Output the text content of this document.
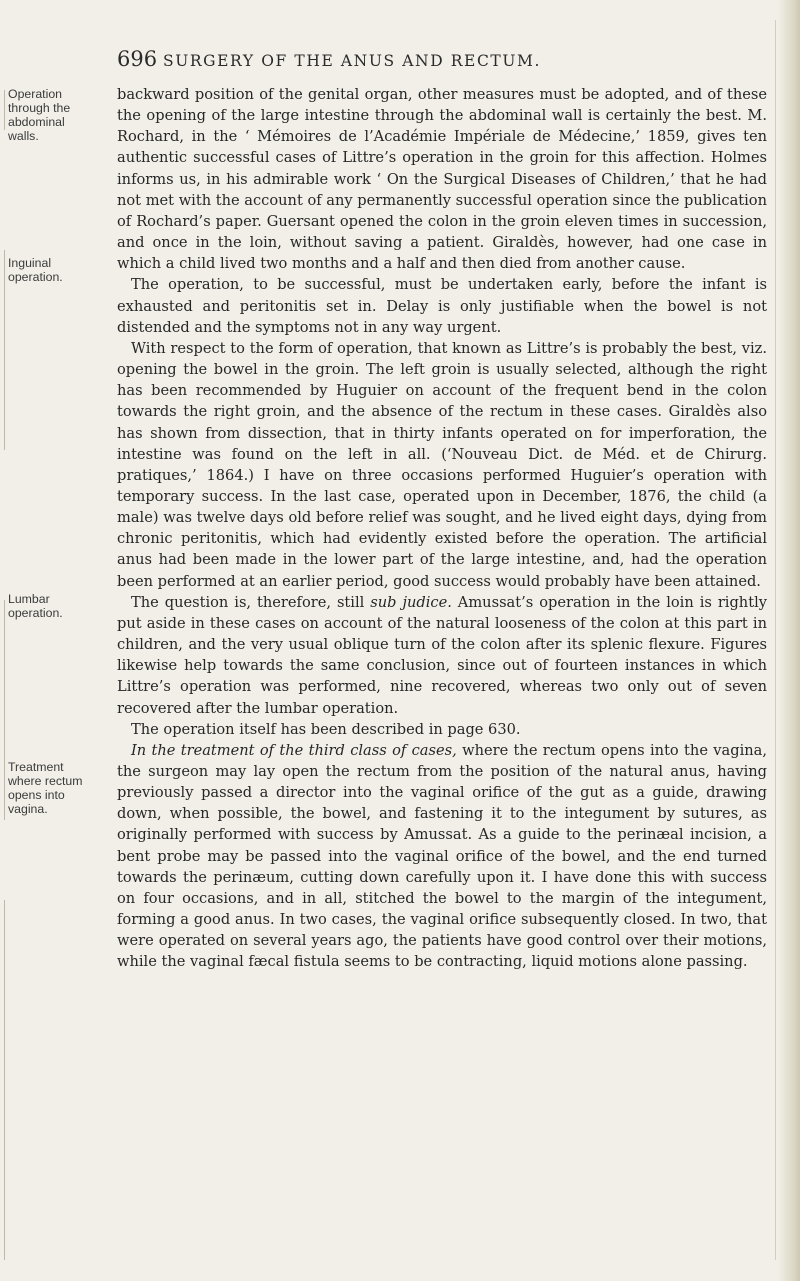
696 SURGERY OF THE ANUS AND RECTUM.
Operation through the abdominal walls.
Inguinal operation.
Lumbar operation.
Treatment where rectum opens into vagina.

backward position of the genital organ, other measures must be adopted, and of these the opening of the large intestine through the abdominal wall is certainly the best. M. Rochard, in the ‘ Mémoires de l’Académie Impériale de Médecine,’ 1859, gives ten authentic successful cases of Littre’s operation in the groin for this affection. Holmes informs us, in his admirable work ‘ On the Surgical Diseases of Children,’ that he had not met with the account of any permanently successful operation since the publication of Rochard’s paper. Guersant opened the colon in the groin eleven times in succession, and once in the loin, without saving a patient. Giraldès, however, had one case in which a child lived two months and a half and then died from another cause.

The operation, to be successful, must be undertaken early, before the infant is exhausted and peritonitis set in. Delay is only justifiable when the bowel is not distended and the symptoms not in any way urgent.

With respect to the form of operation, that known as Littre’s is probably the best, viz. opening the bowel in the groin. The left groin is usually selected, although the right has been recommended by Huguier on account of the frequent bend in the colon towards the right groin, and the absence of the rectum in these cases. Giraldès also has shown from dissection, that in thirty infants operated on for imperforation, the intestine was found on the left in all. (‘Nouveau Dict. de Méd. et de Chirurg. pratiques,’ 1864.) I have on three occasions performed Huguier’s operation with temporary success. In the last case, operated upon in December, 1876, the child (a male) was twelve days old before relief was sought, and he lived eight days, dying from chronic peritonitis, which had evidently existed before the operation. The artificial anus had been made in the lower part of the large intestine, and, had the operation been performed at an earlier period, good success would probably have been attained.

The question is, therefore, still sub judice. Amussat’s operation in the loin is rightly put aside in these cases on account of the natural looseness of the colon at this part in children, and the very usual oblique turn of the colon after its splenic flexure. Figures likewise help towards the same conclusion, since out of fourteen instances in which Littre’s operation was performed, nine recovered, whereas two only out of seven recovered after the lumbar operation.

The operation itself has been described in page 630.

In the treatment of the third class of cases, where the rectum opens into the vagina, the surgeon may lay open the rectum from the position of the natural anus, having previously passed a director into the vaginal orifice of the gut as a guide, drawing down, when possible, the bowel, and fastening it to the integument by sutures, as originally performed with success by Amussat. As a guide to the perinæal incision, a bent probe may be passed into the vaginal orifice of the bowel, and the end turned towards the perinæum, cutting down carefully upon it. I have done this with success on four occasions, and in all, stitched the bowel to the margin of the integument, forming a good anus. In two cases, the vaginal orifice subsequently closed. In two, that were operated on several years ago, the patients have good control over their motions, while the vaginal fæcal fistula seems to be contracting, liquid motions alone passing.
